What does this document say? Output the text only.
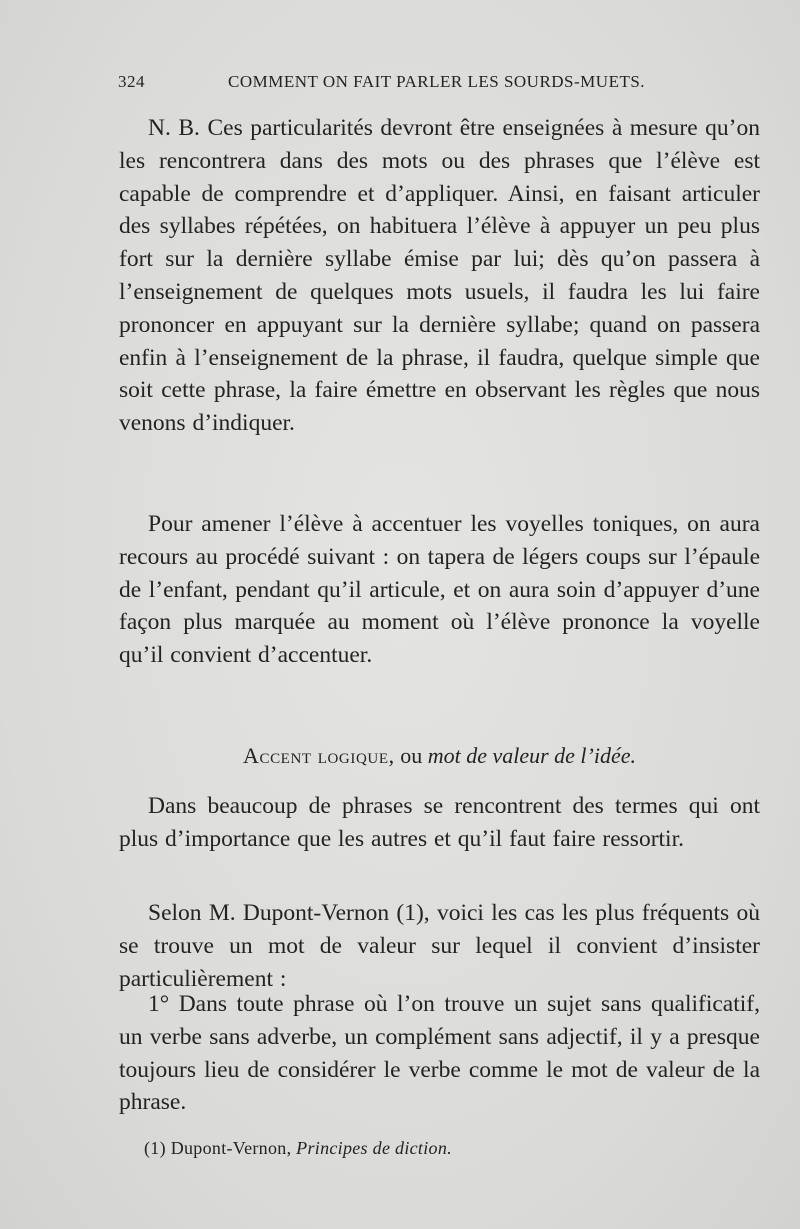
324	COMMENT ON FAIT PARLER LES SOURDS-MUETS.

N. B. Ces particularités devront être enseignées à mesure qu’on les rencontrera dans des mots ou des phrases que l’élève est capable de comprendre et d’appliquer. Ainsi, en faisant articuler des syllabes répétées, on habituera l’élève à appuyer un peu plus fort sur la dernière syllabe émise par lui; dès qu’on passera à l’enseignement de quelques mots usuels, il faudra les lui faire prononcer en appuyant sur la dernière syllabe; quand on passera enfin à l’enseignement de la phrase, il faudra, quelque simple que soit cette phrase, la faire émettre en observant les règles que nous venons d’indiquer.

Pour amener l’élève à accentuer les voyelles toniques, on aura recours au procédé suivant : on tapera de légers coups sur l’épaule de l’enfant, pendant qu’il articule, et on aura soin d’appuyer d’une façon plus marquée au moment où l’élève prononce la voyelle qu’il convient d’accentuer.

Accent logique, ou mot de valeur de l’idée.

Dans beaucoup de phrases se rencontrent des termes qui ont plus d’importance que les autres et qu’il faut faire ressortir.

Selon M. Dupont-Vernon (1), voici les cas les plus fréquents où se trouve un mot de valeur sur lequel il convient d’insister particulièrement :

1° Dans toute phrase où l’on trouve un sujet sans qualificatif, un verbe sans adverbe, un complément sans adjectif, il y a presque toujours lieu de considérer le verbe comme le mot de valeur de la phrase.

(1) Dupont-Vernon, Principes de diction.
